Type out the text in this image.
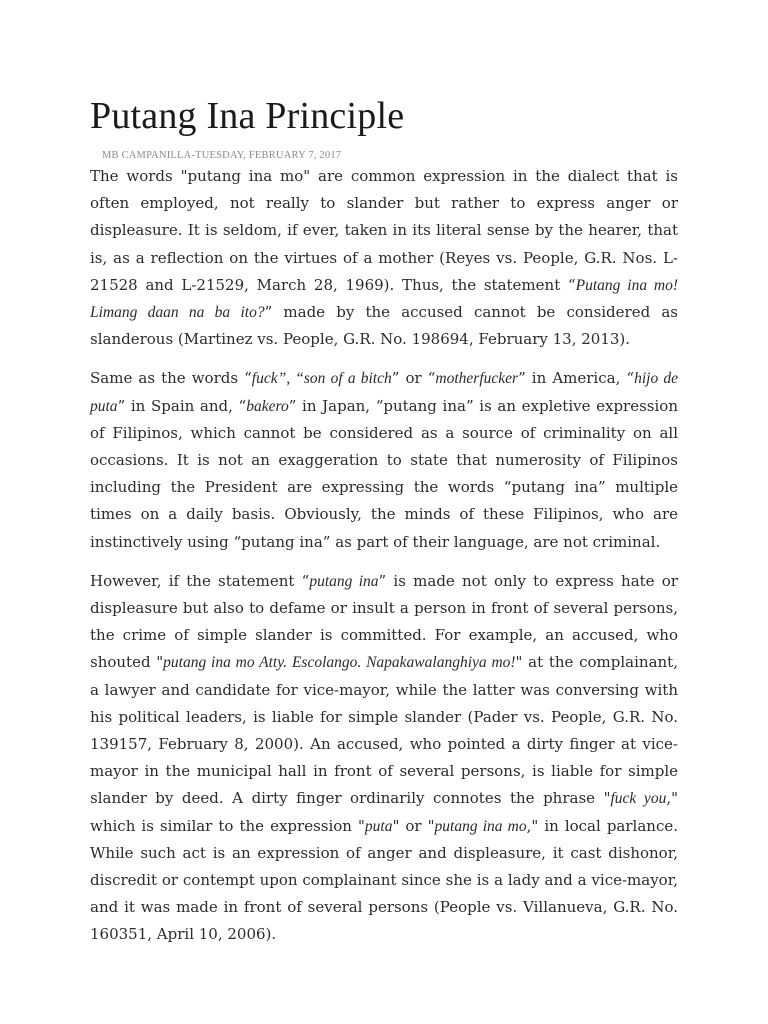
Putang Ina Principle
MB CAMPANILLA-TUESDAY, FEBRUARY 7, 2017

The words "putang ina mo" are common expression in the dialect that is often employed, not really to slander but rather to express anger or displeasure. It is seldom, if ever, taken in its literal sense by the hearer, that is, as a reflection on the virtues of a mother (Reyes vs. People, G.R. Nos. L-21528 and L-21529, March 28, 1969). Thus, the statement “Putang ina mo! Limang daan na ba ito?” made by the accused cannot be considered as slanderous (Martinez vs. People, G.R. No. 198694, February 13, 2013).

Same as the words “fuck”, “son of a bitch” or “motherfucker” in America, “hijo de puta” in Spain and, “bakero” in Japan, “putang ina” is an expletive expression of Filipinos, which cannot be considered as a source of criminality on all occasions. It is not an exaggeration to state that numerosity of Filipinos including the President are expressing the words “putang ina” multiple times on a daily basis. Obviously, the minds of these Filipinos, who are instinctively using “putang ina” as part of their language, are not criminal.

However, if the statement “putang ina” is made not only to express hate or displeasure but also to defame or insult a person in front of several persons, the crime of simple slander is committed. For example, an accused, who shouted "putang ina mo Atty. Escolango. Napakawalanghiya mo!" at the complainant, a lawyer and candidate for vice-mayor, while the latter was conversing with his political leaders, is liable for simple slander (Pader vs. People, G.R. No. 139157, February 8, 2000). An accused, who pointed a dirty finger at vice-mayor in the municipal hall in front of several persons, is liable for simple slander by deed. A dirty finger ordinarily connotes the phrase "fuck you," which is similar to the expression "puta" or "putang ina mo," in local parlance. While such act is an expression of anger and displeasure, it cast dishonor, discredit or contempt upon complainant since she is a lady and a vice-mayor, and it was made in front of several persons (People vs. Villanueva, G.R. No. 160351, April 10, 2006).
